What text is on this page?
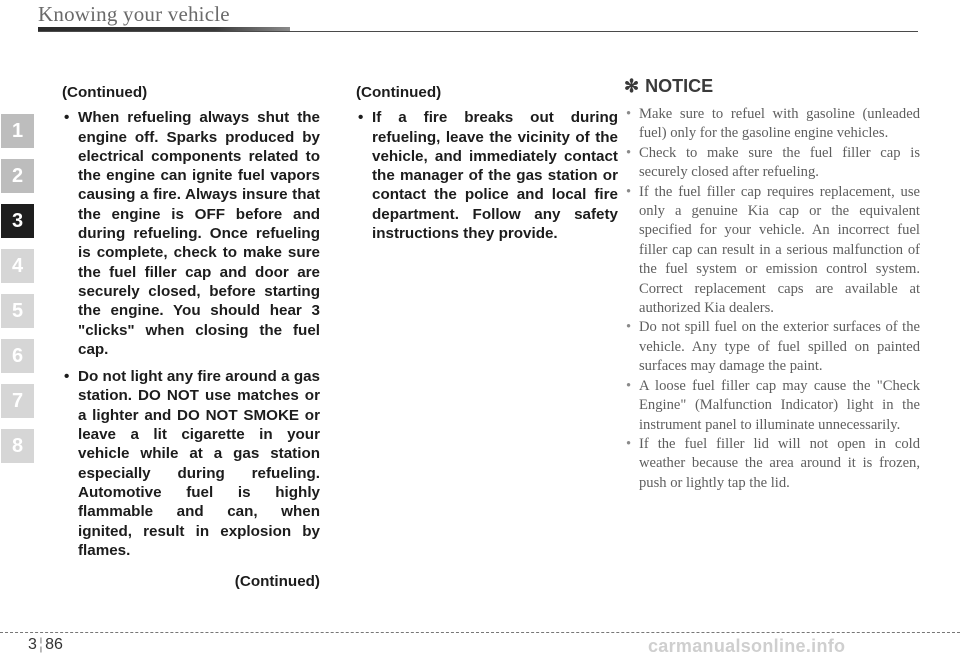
Knowing your vehicle
1
2
3
4
5
6
7
8
(Continued)
• When refueling always shut the engine off. Sparks produced by electrical components related to the engine can ignite fuel vapors causing a fire. Always insure that the engine is OFF before and during refueling. Once refueling is complete, check to make sure the fuel filler cap and door are securely closed, before starting the engine. You should hear 3 "clicks" when closing the fuel cap.
• Do not light any fire around a gas station. DO NOT use matches or a lighter and DO NOT SMOKE or leave a lit cigarette in your vehicle while at a gas station especially during refueling. Automotive fuel is highly flammable and can, when ignited, result in explosion by flames.
(Continued)
(Continued)
• If a fire breaks out during refueling, leave the vicinity of the vehicle, and immediately contact the manager of the gas station or contact the police and local fire department. Follow any safety instructions they provide.
✻ NOTICE
• Make sure to refuel with gasoline (unleaded fuel) only for the gasoline engine vehicles.
• Check to make sure the fuel filler cap is securely closed after refueling.
• If the fuel filler cap requires replacement, use only a genuine Kia cap or the equivalent specified for your vehicle. An incorrect fuel filler cap can result in a serious malfunction of the fuel system or emission control system. Correct replacement caps are available at authorized Kia dealers.
• Do not spill fuel on the exterior surfaces of the vehicle. Any type of fuel spilled on painted surfaces may damage the paint.
• A loose fuel filler cap may cause the "Check Engine" (Malfunction Indicator) light in the instrument panel to illuminate unnecessarily.
• If the fuel filler lid will not open in cold weather because the area around it is frozen, push or lightly tap the lid.
3 ¦ 86	carmanualsonline.info
